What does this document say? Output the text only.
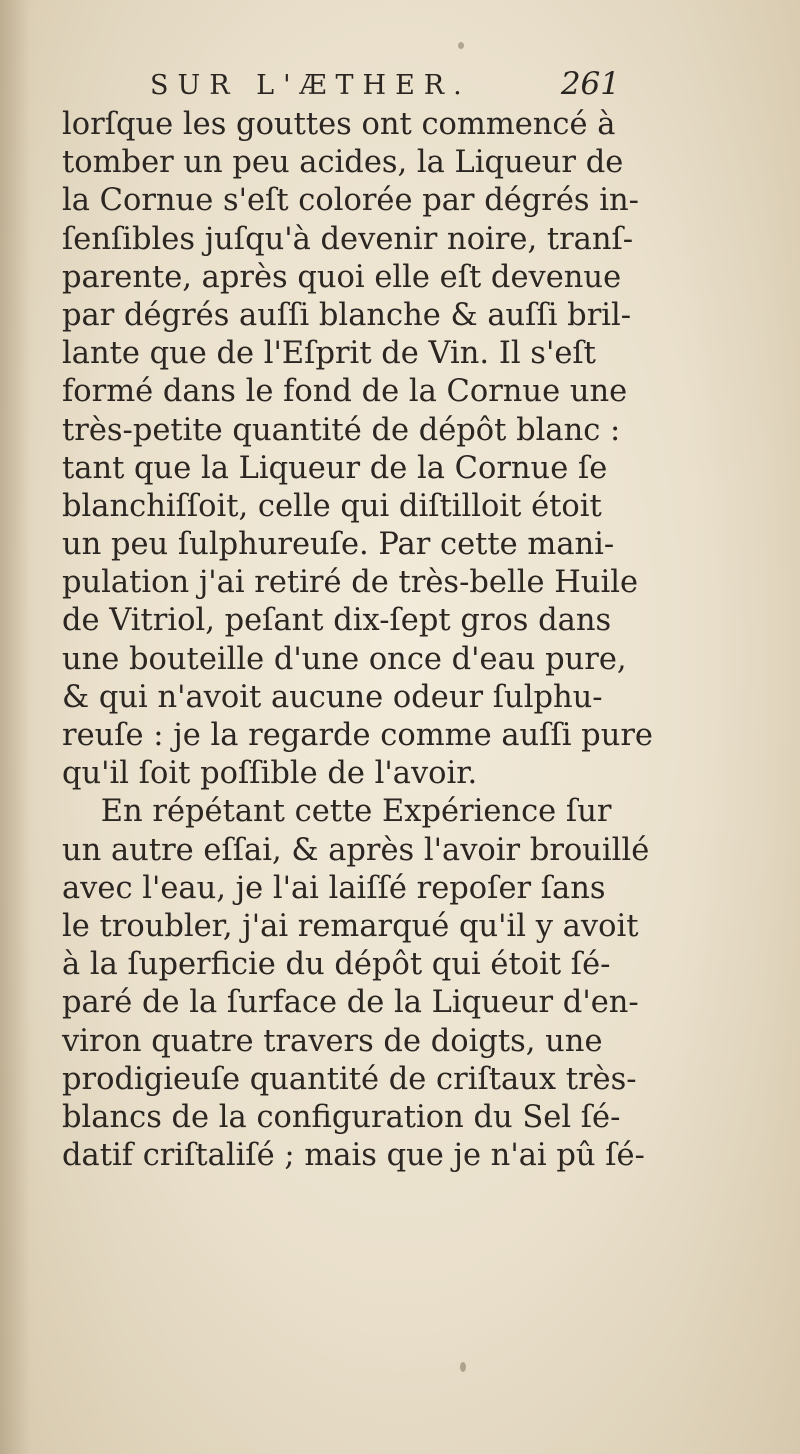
SUR L'ÆTHER.	261
lorſque les gouttes ont commencé à
tomber un peu acides, la Liqueur de
la Cornue s'eſt colorée par dégrés in-
ſenſibles juſqu'à devenir noire, tranſ-
parente, après quoi elle eſt devenue
par dégrés auſſi blanche & auſſi bril-
lante que de l'Eſprit de Vin. Il s'eſt
formé dans le fond de la Cornue une
très-petite quantité de dépôt blanc :
tant que la Liqueur de la Cornue ſe
blanchiſſoit, celle qui diſtilloit étoit
un peu ſulphureuſe. Par cette mani-
pulation j'ai retiré de très-belle Huile
de Vitriol, peſant dix-ſept gros dans
une bouteille d'une once d'eau pure,
& qui n'avoit aucune odeur ſulphu-
reuſe : je la regarde comme auſſi pure
qu'il ſoit poſſible de l'avoir.
En répétant cette Expérience ſur
un autre eſſai, & après l'avoir brouillé
avec l'eau, je l'ai laiſſé repoſer ſans
le troubler, j'ai remarqué qu'il y avoit
à la ſuperficie du dépôt qui étoit ſé-
paré de la ſurface de la Liqueur d'en-
viron quatre travers de doigts, une
prodigieuſe quantité de criſtaux très-
blancs de la configuration du Sel ſé-
datif criſtaliſé ; mais que je n'ai pû ſé-
